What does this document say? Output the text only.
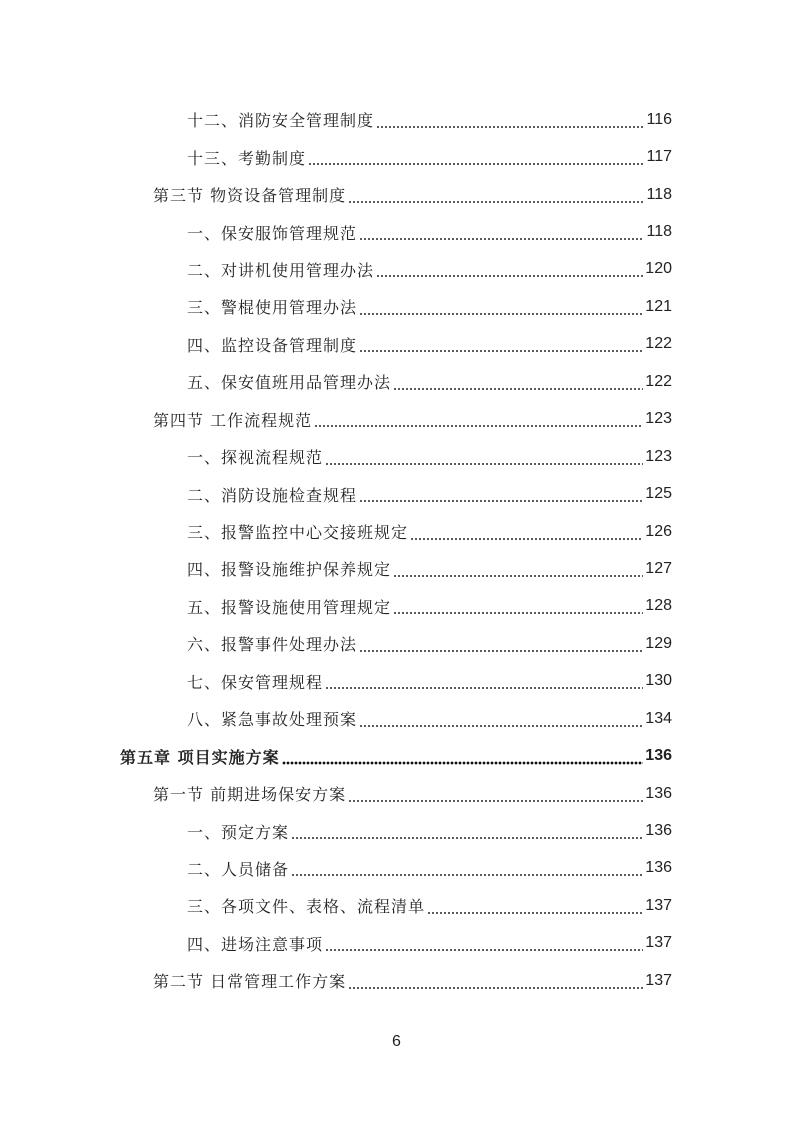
十二、消防安全管理制度	116
十三、考勤制度	117
第三节 物资设备管理制度	118
一、保安服饰管理规范	118
二、对讲机使用管理办法	120
三、警棍使用管理办法	121
四、监控设备管理制度	122
五、保安值班用品管理办法	122
第四节 工作流程规范	123
一、探视流程规范	123
二、消防设施检查规程	125
三、报警监控中心交接班规定	126
四、报警设施维护保养规定	127
五、报警设施使用管理规定	128
六、报警事件处理办法	129
七、保安管理规程	130
八、紧急事故处理预案	134
第五章 项目实施方案	136
第一节 前期进场保安方案	136
一、预定方案	136
二、人员储备	136
三、各项文件、表格、流程清单	137
四、进场注意事项	137
第二节 日常管理工作方案	137
6
